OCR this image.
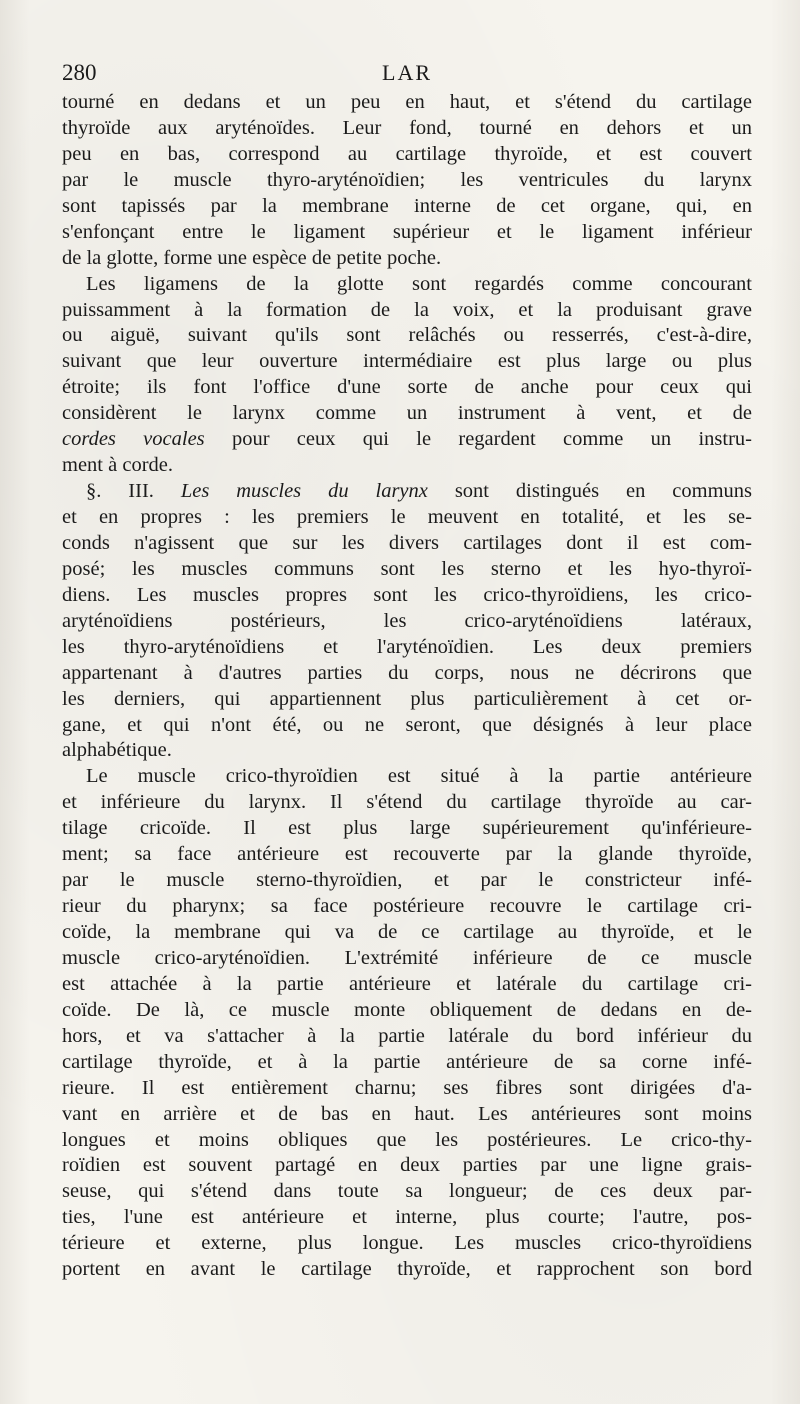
280	LAR
tourné en dedans et un peu en haut, et s'étend du cartilage
thyroïde aux aryténoïdes. Leur fond, tourné en dehors et un
peu en bas, correspond au cartilage thyroïde, et est couvert
par le muscle thyro-aryténoïdien; les ventricules du larynx
sont tapissés par la membrane interne de cet organe, qui, en
s'enfonçant entre le ligament supérieur et le ligament inférieur
de la glotte, forme une espèce de petite poche.
Les ligamens de la glotte sont regardés comme concourant
puissamment à la formation de la voix, et la produisant grave
ou aiguë, suivant qu'ils sont relâchés ou resserrés, c'est-à-dire,
suivant que leur ouverture intermédiaire est plus large ou plus
étroite; ils font l'office d'une sorte de anche pour ceux qui
considèrent le larynx comme un instrument à vent, et de
cordes vocales pour ceux qui le regardent comme un instru-
ment à corde.
§. III. Les muscles du larynx sont distingués en communs
et en propres : les premiers le meuvent en totalité, et les se-
conds n'agissent que sur les divers cartilages dont il est com-
posé; les muscles communs sont les sterno et les hyo-thyroï-
diens. Les muscles propres sont les crico-thyroïdiens, les crico-
aryténoïdiens postérieurs, les crico-aryténoïdiens latéraux,
les thyro-aryténoïdiens et l'aryténoïdien. Les deux premiers
appartenant à d'autres parties du corps, nous ne décrirons que
les derniers, qui appartiennent plus particulièrement à cet or-
gane, et qui n'ont été, ou ne seront, que désignés à leur place
alphabétique.
Le muscle crico-thyroïdien est situé à la partie antérieure
et inférieure du larynx. Il s'étend du cartilage thyroïde au car-
tilage cricoïde. Il est plus large supérieurement qu'inférieure-
ment; sa face antérieure est recouverte par la glande thyroïde,
par le muscle sterno-thyroïdien, et par le constricteur infé-
rieur du pharynx; sa face postérieure recouvre le cartilage cri-
coïde, la membrane qui va de ce cartilage au thyroïde, et le
muscle crico-aryténoïdien. L'extrémité inférieure de ce muscle
est attachée à la partie antérieure et latérale du cartilage cri-
coïde. De là, ce muscle monte obliquement de dedans en de-
hors, et va s'attacher à la partie latérale du bord inférieur du
cartilage thyroïde, et à la partie antérieure de sa corne infé-
rieure. Il est entièrement charnu; ses fibres sont dirigées d'a-
vant en arrière et de bas en haut. Les antérieures sont moins
longues et moins obliques que les postérieures. Le crico-thy-
roïdien est souvent partagé en deux parties par une ligne grais-
seuse, qui s'étend dans toute sa longueur; de ces deux par-
ties, l'une est antérieure et interne, plus courte; l'autre, pos-
térieure et externe, plus longue. Les muscles crico-thyroïdiens
portent en avant le cartilage thyroïde, et rapprochent son bord
